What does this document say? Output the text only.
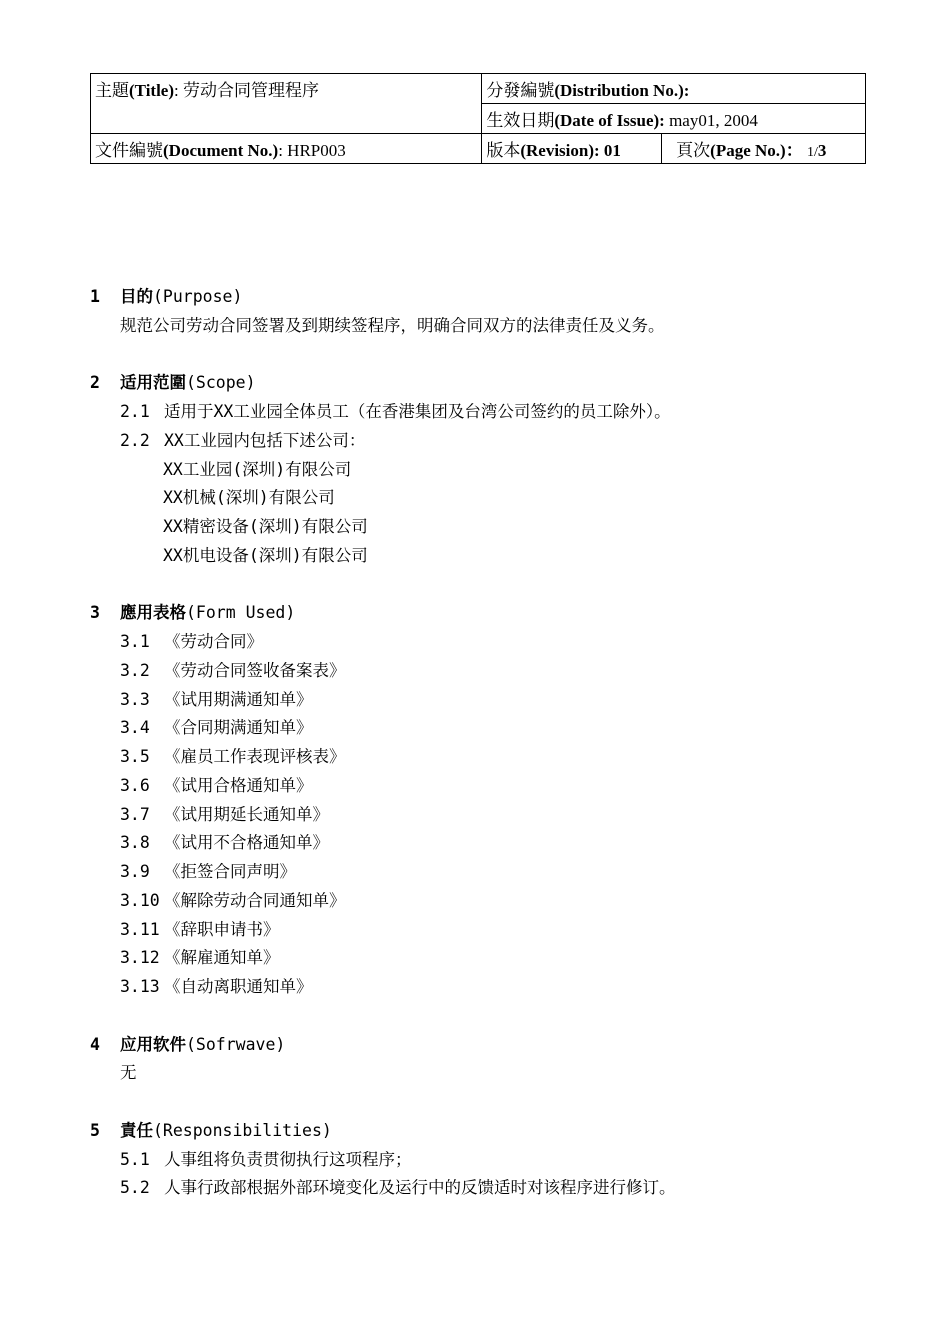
主題(Title): 劳动合同管理程序	分發編號(Distribution No.):	
	生效日期(Date of Issue): may01, 2004	
文件編號(Document No.): HRP003	版本(Revision): 01	頁次(Page No.)： 1/3
1 目的(Purpose)
规范公司劳动合同签署及到期续签程序，明确合同双方的法律责任及义务。
2 适用范圍(Scope)
2.1 适用于XX工业园全体员工（在香港集团及台湾公司签约的员工除外）。
2.2 XX工业园内包括下述公司：
XX工业园(深圳)有限公司
XX机械(深圳)有限公司
XX精密设备(深圳)有限公司
XX机电设备(深圳)有限公司
3 應用表格(Form Used)
3.1 《劳动合同》
3.2 《劳动合同签收备案表》
3.3 《试用期满通知单》
3.4 《合同期满通知单》
3.5 《雇员工作表现评核表》
3.6 《试用合格通知单》
3.7 《试用期延长通知单》
3.8 《试用不合格通知单》
3.9 《拒签合同声明》
3.10 《解除劳动合同通知单》
3.11 《辞职申请书》
3.12 《解雇通知单》
3.13 《自动离职通知单》
4 应用软件(Sofrwave)
无
5 責任(Responsibilities)
5.1 人事组将负责贯彻执行这项程序；
5.2 人事行政部根据外部环境变化及运行中的反馈适时对该程序进行修订。
